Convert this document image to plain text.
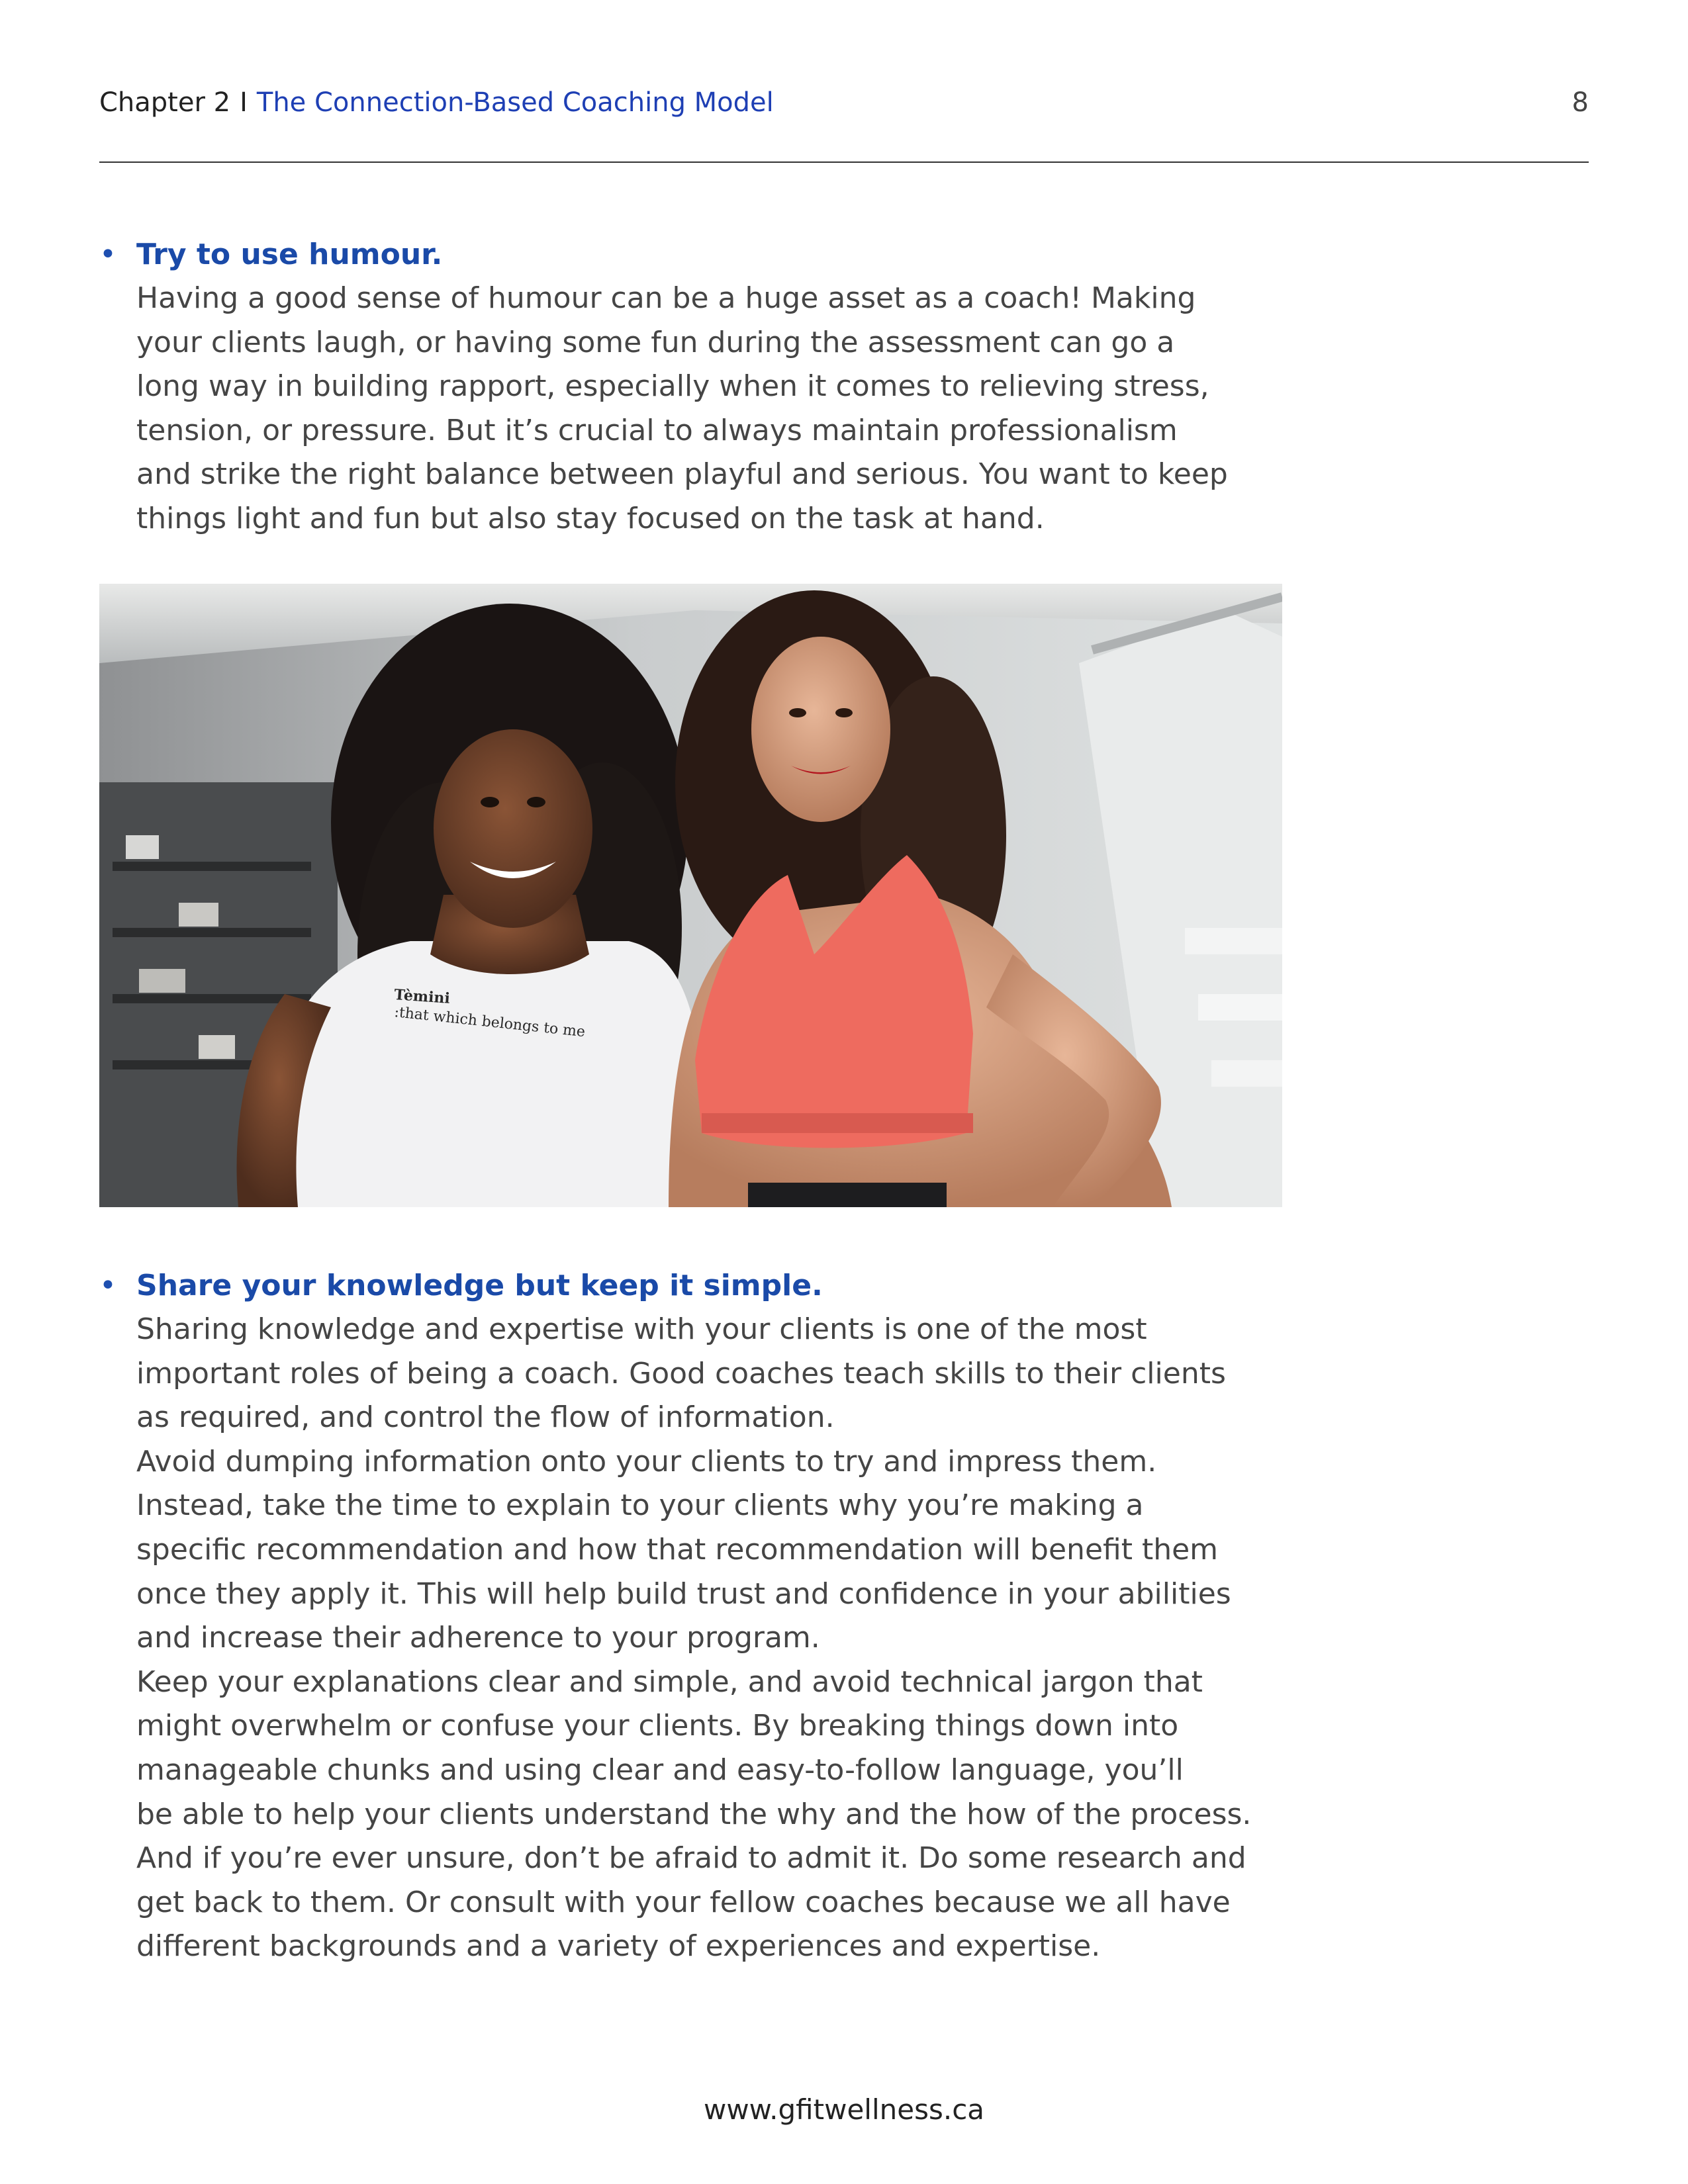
Chapter 2 I The Connection-Based Coaching Model	8
• Try to use humour.
Having a good sense of humour can be a huge asset as a coach! Making
your clients laugh, or having some fun during the assessment can go a
long way in building rapport, especially when it comes to relieving stress,
tension, or pressure. But it’s crucial to always maintain professionalism
and strike the right balance between playful and serious. You want to keep
things light and fun but also stay focused on the task at hand.
Tèmini
:that which belongs to me
• Share your knowledge but keep it simple.
Sharing knowledge and expertise with your clients is one of the most
important roles of being a coach. Good coaches teach skills to their clients
as required, and control the flow of information.
Avoid dumping information onto your clients to try and impress them.
Instead, take the time to explain to your clients why you’re making a
specific recommendation and how that recommendation will benefit them
once they apply it. This will help build trust and confidence in your abilities
and increase their adherence to your program.
Keep your explanations clear and simple, and avoid technical jargon that
might overwhelm or confuse your clients. By breaking things down into
manageable chunks and using clear and easy-to-follow language, you’ll
be able to help your clients understand the why and the how of the process.
And if you’re ever unsure, don’t be afraid to admit it. Do some research and
get back to them. Or consult with your fellow coaches because we all have
different backgrounds and a variety of experiences and expertise.
www.gfitwellness.ca
